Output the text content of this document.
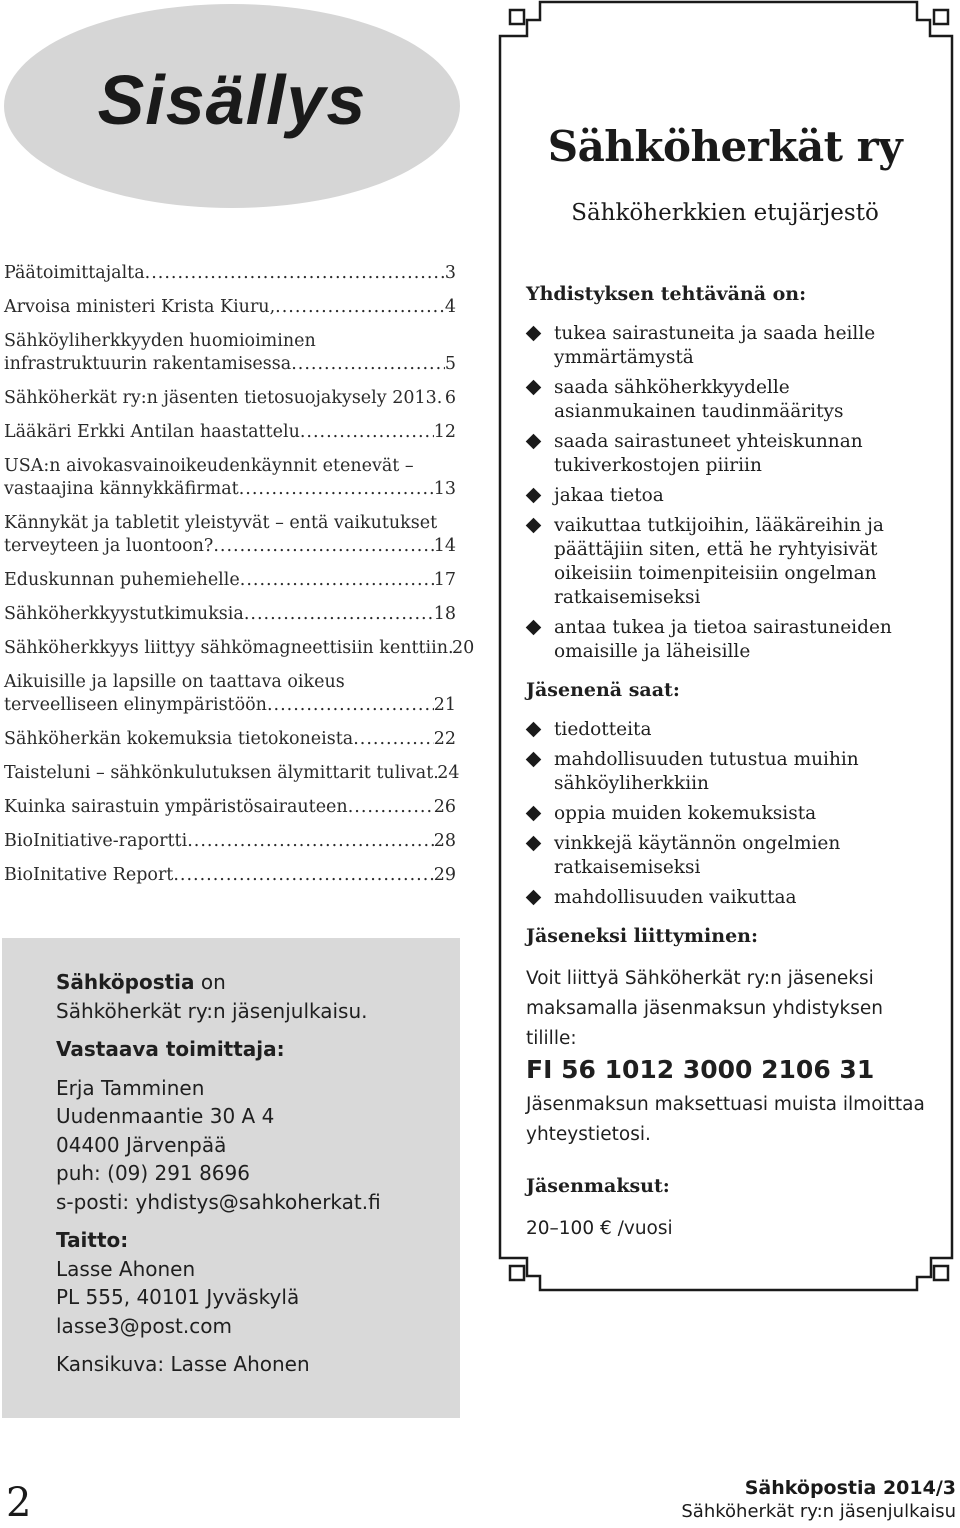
Sisällys
Päätoimittajalta .....	3
Arvoisa ministeri Krista Kiuru, .....	4
Sähköyliherkkyyden huomioiminen
infrastruktuurin rakentamisessa .....	5
Sähköherkät ry:n jäsenten tietosuojakysely 2013 ..... 6
Lääkäri Erkki Antilan haastattelu .....	12
USA:n aivokasvainoikeudenkäynnit etenevät –
vastaajina kännykkäfirmat .....	13
Kännykät ja tabletit yleistyvät – entä vaikutukset
terveyteen ja luontoon? .....	14
Eduskunnan puhemiehelle .....	17
Sähköherkkyystutkimuksia .....	18
Sähköherkkyys liittyy sähkömagneettisiin kenttiin ..... 20
Aikuisille ja lapsille on taattava oikeus
terveelliseen elinympäristöön .....	21
Sähköherkän kokemuksia tietokoneista .....	22
Taisteluni – sähkönkulutuksen älymittarit tulivat ..... 24
Kuinka sairastuin ympäristösairauteen .....	26
BioInitiative-raportti .....	28
BioInitative Report .....	29
Sähköpostia on
Sähköherkät ry:n jäsenjulkaisu.
Vastaava toimittaja:
Erja Tamminen
Uudenmaantie 30 A 4
04400 Järvenpää
puh: (09) 291 8696
s-posti: yhdistys@sahkoherkat.fi
Taitto:
Lasse Ahonen
PL 555, 40101 Jyväskylä
lasse3@post.com
Kansikuva: Lasse Ahonen
Sähköherkät ry
Sähköherkkien etujärjestö
Yhdistyksen tehtävänä on:
tukea sairastuneita ja saada heille ymmärtämystä
saada sähköherkkyydelle asianmukainen taudinmääritys
saada sairastuneet yhteiskunnan tukiverkostojen piiriin
jakaa tietoa
vaikuttaa tutkijoihin, lääkäreihin ja päättäjiin siten, että he ryhtyisivät oikeisiin toimenpiteisiin ongelman ratkaisemiseksi
antaa tukea ja tietoa sairastuneiden omaisille ja läheisille
Jäsenenä saat:
tiedotteita
mahdollisuuden tutustua muihin sähköyliherkkiin
oppia muiden kokemuksista
vinkkejä käytännön ongelmien ratkaisemiseksi
mahdollisuuden vaikuttaa
Jäseneksi liittyminen:
Voit liittyä Sähköherkät ry:n jäseneksi maksamalla jäsenmaksun yhdistyksen tilille:
FI 56 1012 3000 2106 31
Jäsenmaksun maksettuasi muista ilmoittaa yhteystietosi.
Jäsenmaksut:
20–100 € /vuosi
2	Sähköpostia 2014/3
Sähköherkät ry:n jäsenjulkaisu
